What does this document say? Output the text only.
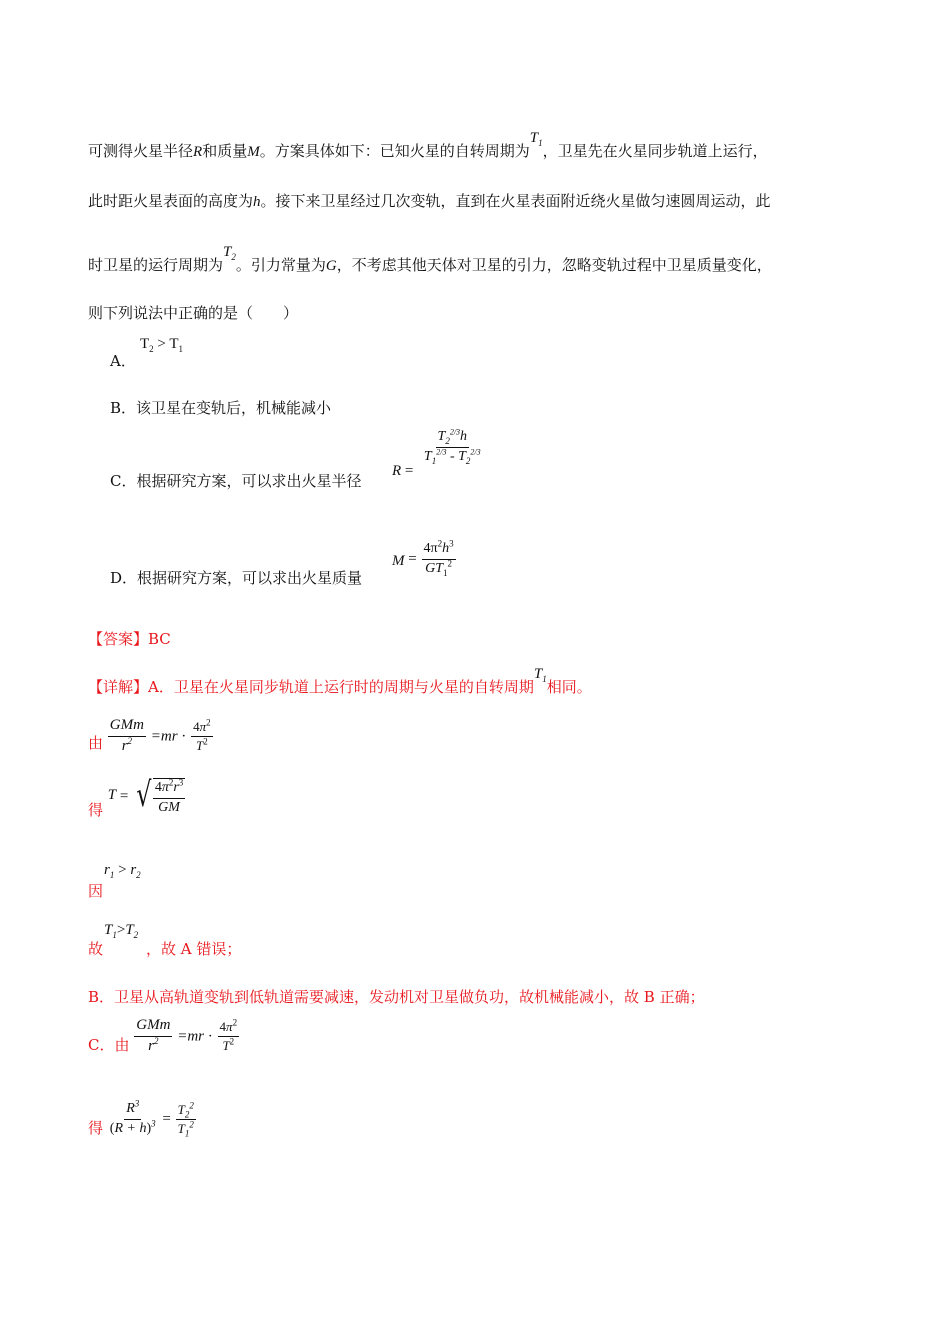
可测得火星半径R和质量M。方案具体如下：已知火星的自转周期为$T_1$，卫星先在火星同步轨道上运行，
此时距火星表面的高度为h。接下来卫星经过几次变轨，直到在火星表面附近绕火星做匀速圆周运动，此
时卫星的运行周期为$T_2$。引力常量为G，不考虑其他天体对卫星的引力，忽略变轨过程中卫星质量变化，
则下列说法中正确的是（　　）
A．
$T_2 > T_1$
B．该卫星在变轨后，机械能减小
C．根据研究方案，可以求出火星半径
R =
$\frac{T_2^{2/3}h}{T_1^{2/3} - T_2^{2/3}}$
D．根据研究方案，可以求出火星质量
$M = \frac{4\pi^2h^3}{GT_1^2}$
【答案】BC
【详解】A．卫星在火星同步轨道上运行时的周期与火星的自转周期$T_1$相同。
由 $\frac{\text{GMm}}{r^2} =mr \cdot \frac{4\pi^2}{T^2}$
得 T = √ $\frac{4\pi^2r^3}{GM}$
$r_1 > r_2$
因
$T_1>T_2$
故	，故 A 错误；
B．卫星从高轨道变轨到低轨道需要减速，发动机对卫星做负功，故机械能减小，故 B 正确；
C．由 $\frac{\text{GMm}}{r^2} =mr \cdot \frac{4\pi^2}{T^2}$
得 $\frac{R^3}{(R + h)^3} = \frac{T_2^2}{T_1^2}$
